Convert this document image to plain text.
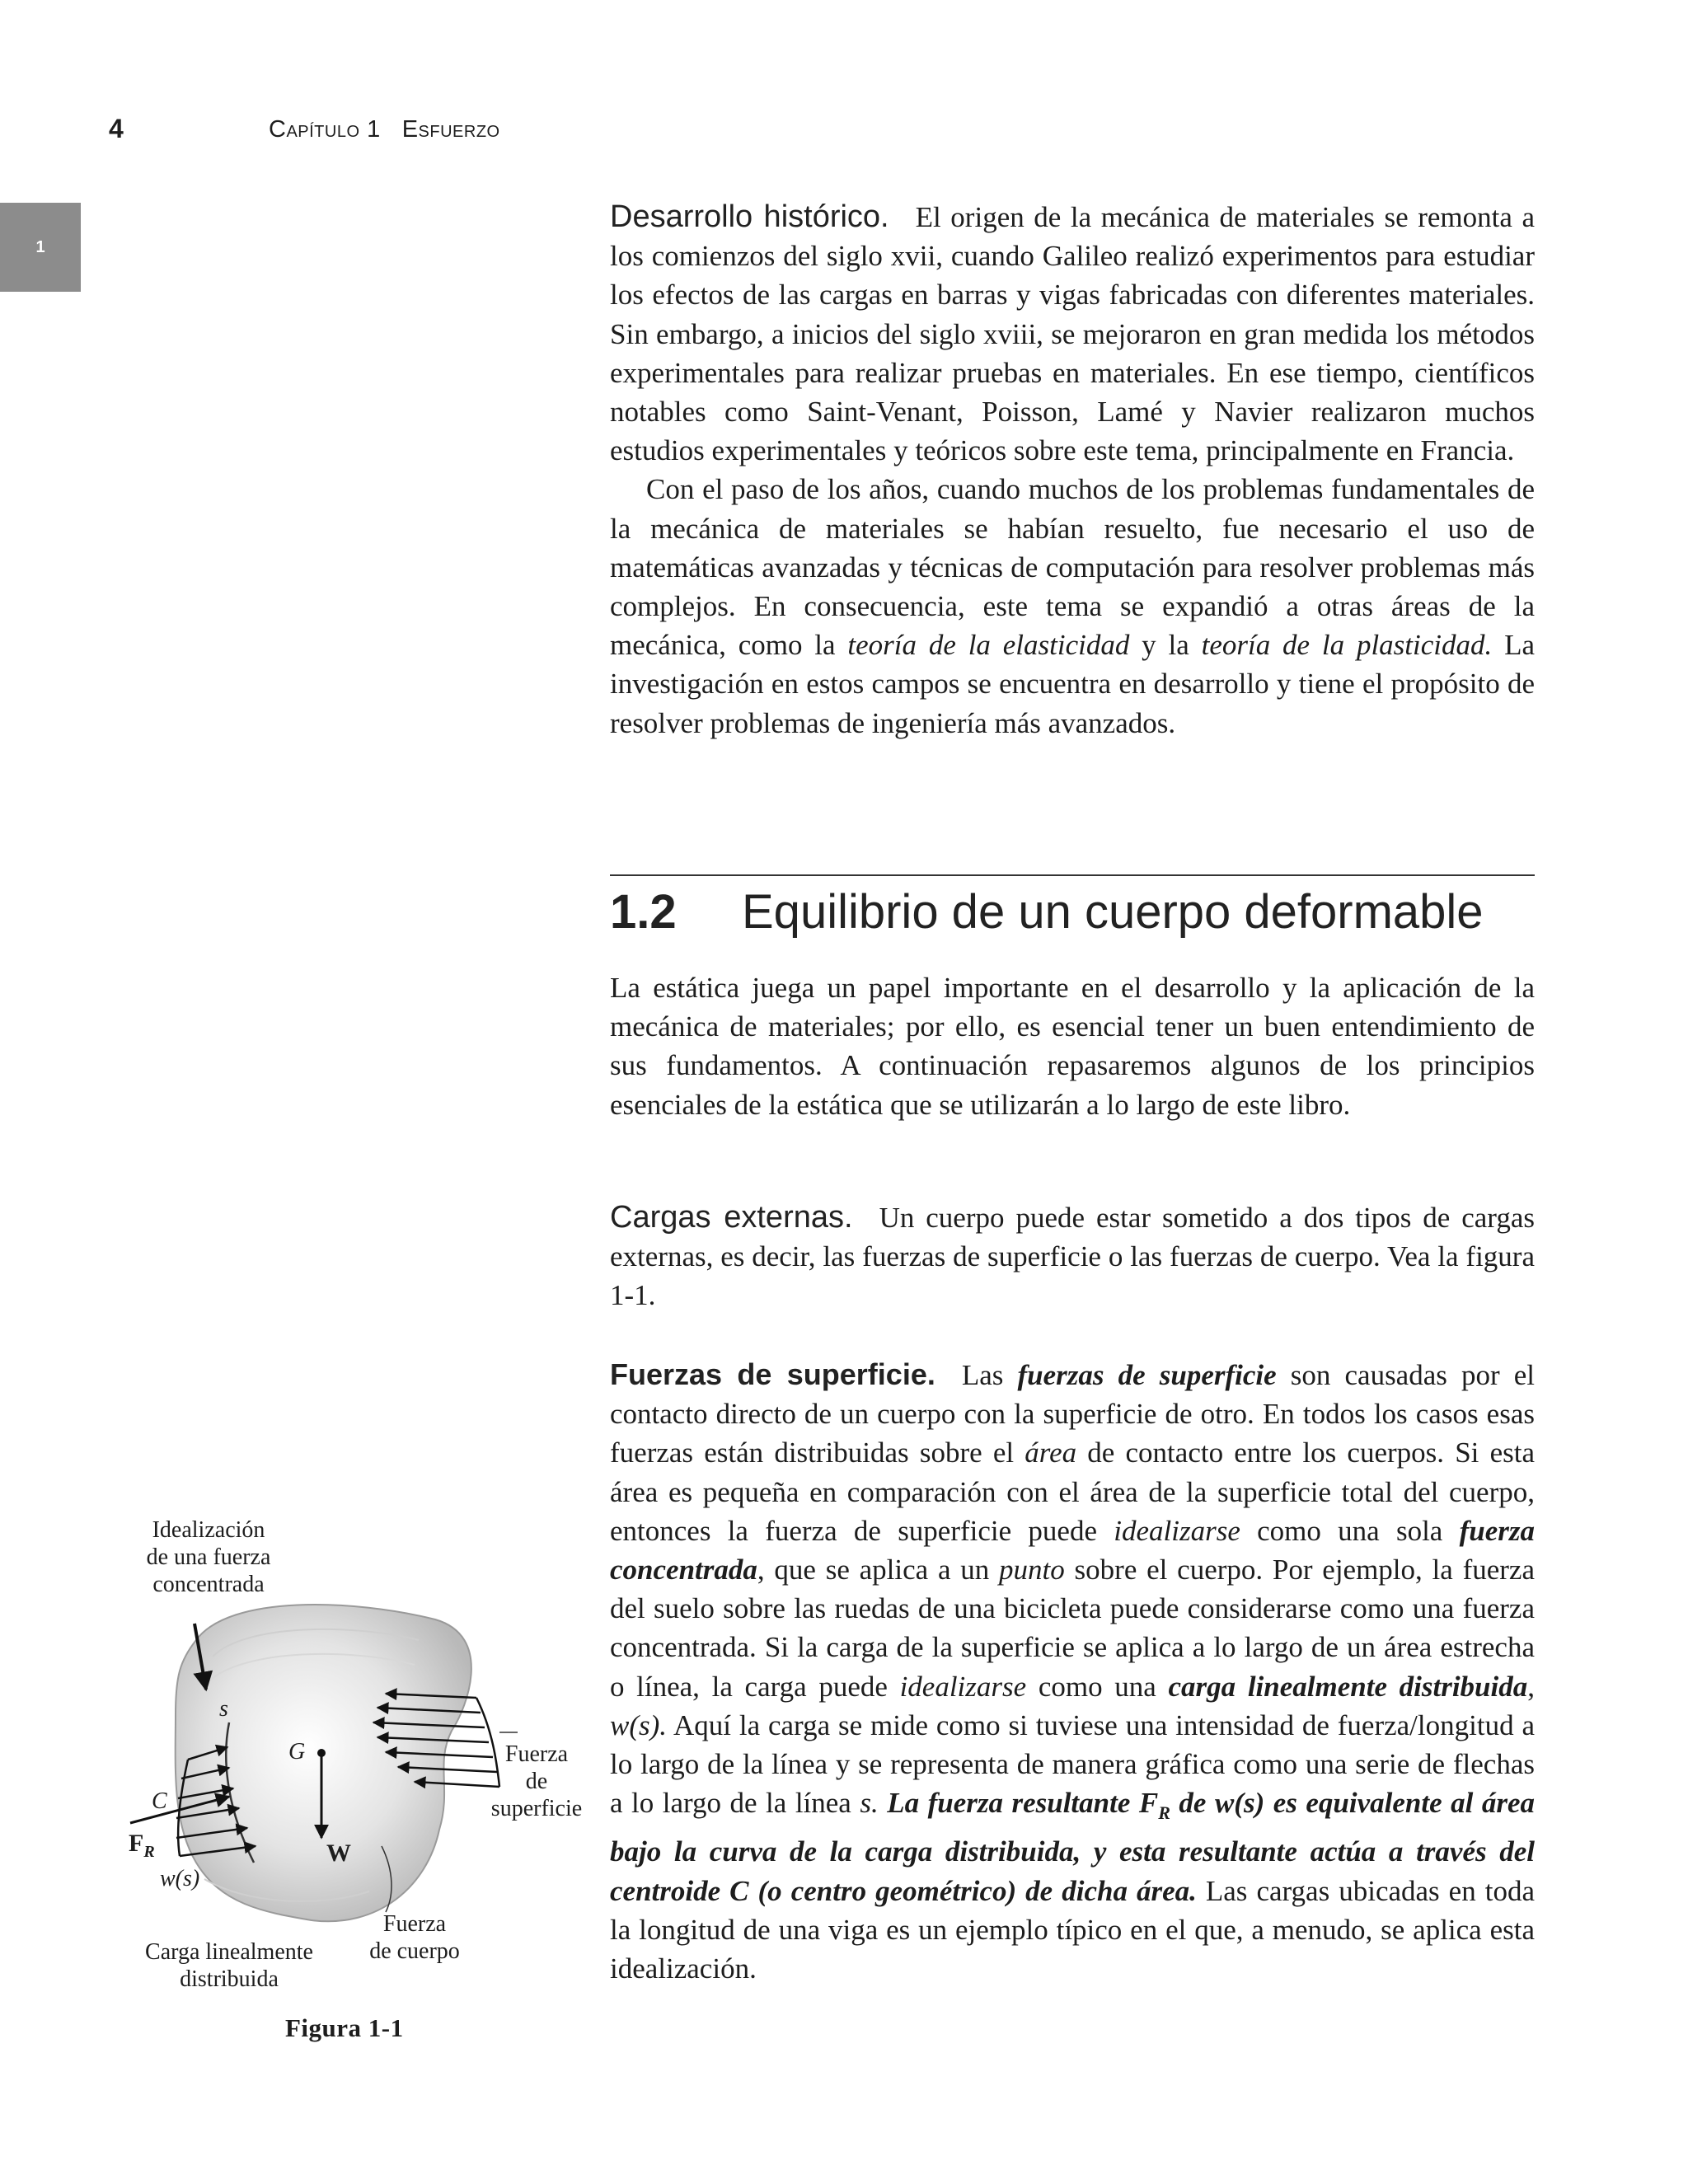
4	Capítulo 1 Esfuerzo
1

Desarrollo histórico. El origen de la mecánica de materiales se remonta a los comienzos del siglo xvii, cuando Galileo realizó experimentos para estudiar los efectos de las cargas en barras y vigas fabricadas con diferentes materiales. Sin embargo, a inicios del siglo xviii, se mejoraron en gran medida los métodos experimentales para realizar pruebas en materiales. En ese tiempo, científicos notables como Saint-Venant, Poisson, Lamé y Navier realizaron muchos estudios experimentales y teóricos sobre este tema, principalmente en Francia.

Con el paso de los años, cuando muchos de los problemas fundamentales de la mecánica de materiales se habían resuelto, fue necesario el uso de matemáticas avanzadas y técnicas de computación para resolver problemas más complejos. En consecuencia, este tema se expandió a otras áreas de la mecánica, como la teoría de la elasticidad y la teoría de la plasticidad. La investigación en estos campos se encuentra en desarrollo y tiene el propósito de resolver problemas de ingeniería más avanzados.

1.2 Equilibrio de un cuerpo deformable

La estática juega un papel importante en el desarrollo y la aplicación de la mecánica de materiales; por ello, es esencial tener un buen entendimiento de sus fundamentos. A continuación repasaremos algunos de los principios esenciales de la estática que se utilizarán a lo largo de este libro.

Cargas externas. Un cuerpo puede estar sometido a dos tipos de cargas externas, es decir, las fuerzas de superficie o las fuerzas de cuerpo. Vea la figura 1-1.

Fuerzas de superficie. Las fuerzas de superficie son causadas por el contacto directo de un cuerpo con la superficie de otro. En todos los casos esas fuerzas están distribuidas sobre el área de contacto entre los cuerpos. Si esta área es pequeña en comparación con el área de la superficie total del cuerpo, entonces la fuerza de superficie puede idealizarse como una sola fuerza concentrada, que se aplica a un punto sobre el cuerpo. Por ejemplo, la fuerza del suelo sobre las ruedas de una bicicleta puede considerarse como una fuerza concentrada. Si la carga de la superficie se aplica a lo largo de un área estrecha o línea, la carga puede idealizarse como una carga linealmente distribuida, w(s). Aquí la carga se mide como si tuviese una intensidad de fuerza/longitud a lo largo de la línea y se representa de manera gráfica como una serie de flechas a lo largo de la línea s. La fuerza resultante $F_R$ de w(s) es equivalente al área bajo la curva de la carga distribuida, y esta resultante actúa a través del centroide C (o centro geométrico) de dicha área. Las cargas ubicadas en toda la longitud de una viga es un ejemplo típico en el que, a menudo, se aplica esta idealización.

Idealización
de una fuerza
concentrada
Fuerza
de
superficie
Fuerza
de cuerpo
Carga linealmente
distribuida
s
G
C
$F_R$
w(s)
W
Figura 1-1
